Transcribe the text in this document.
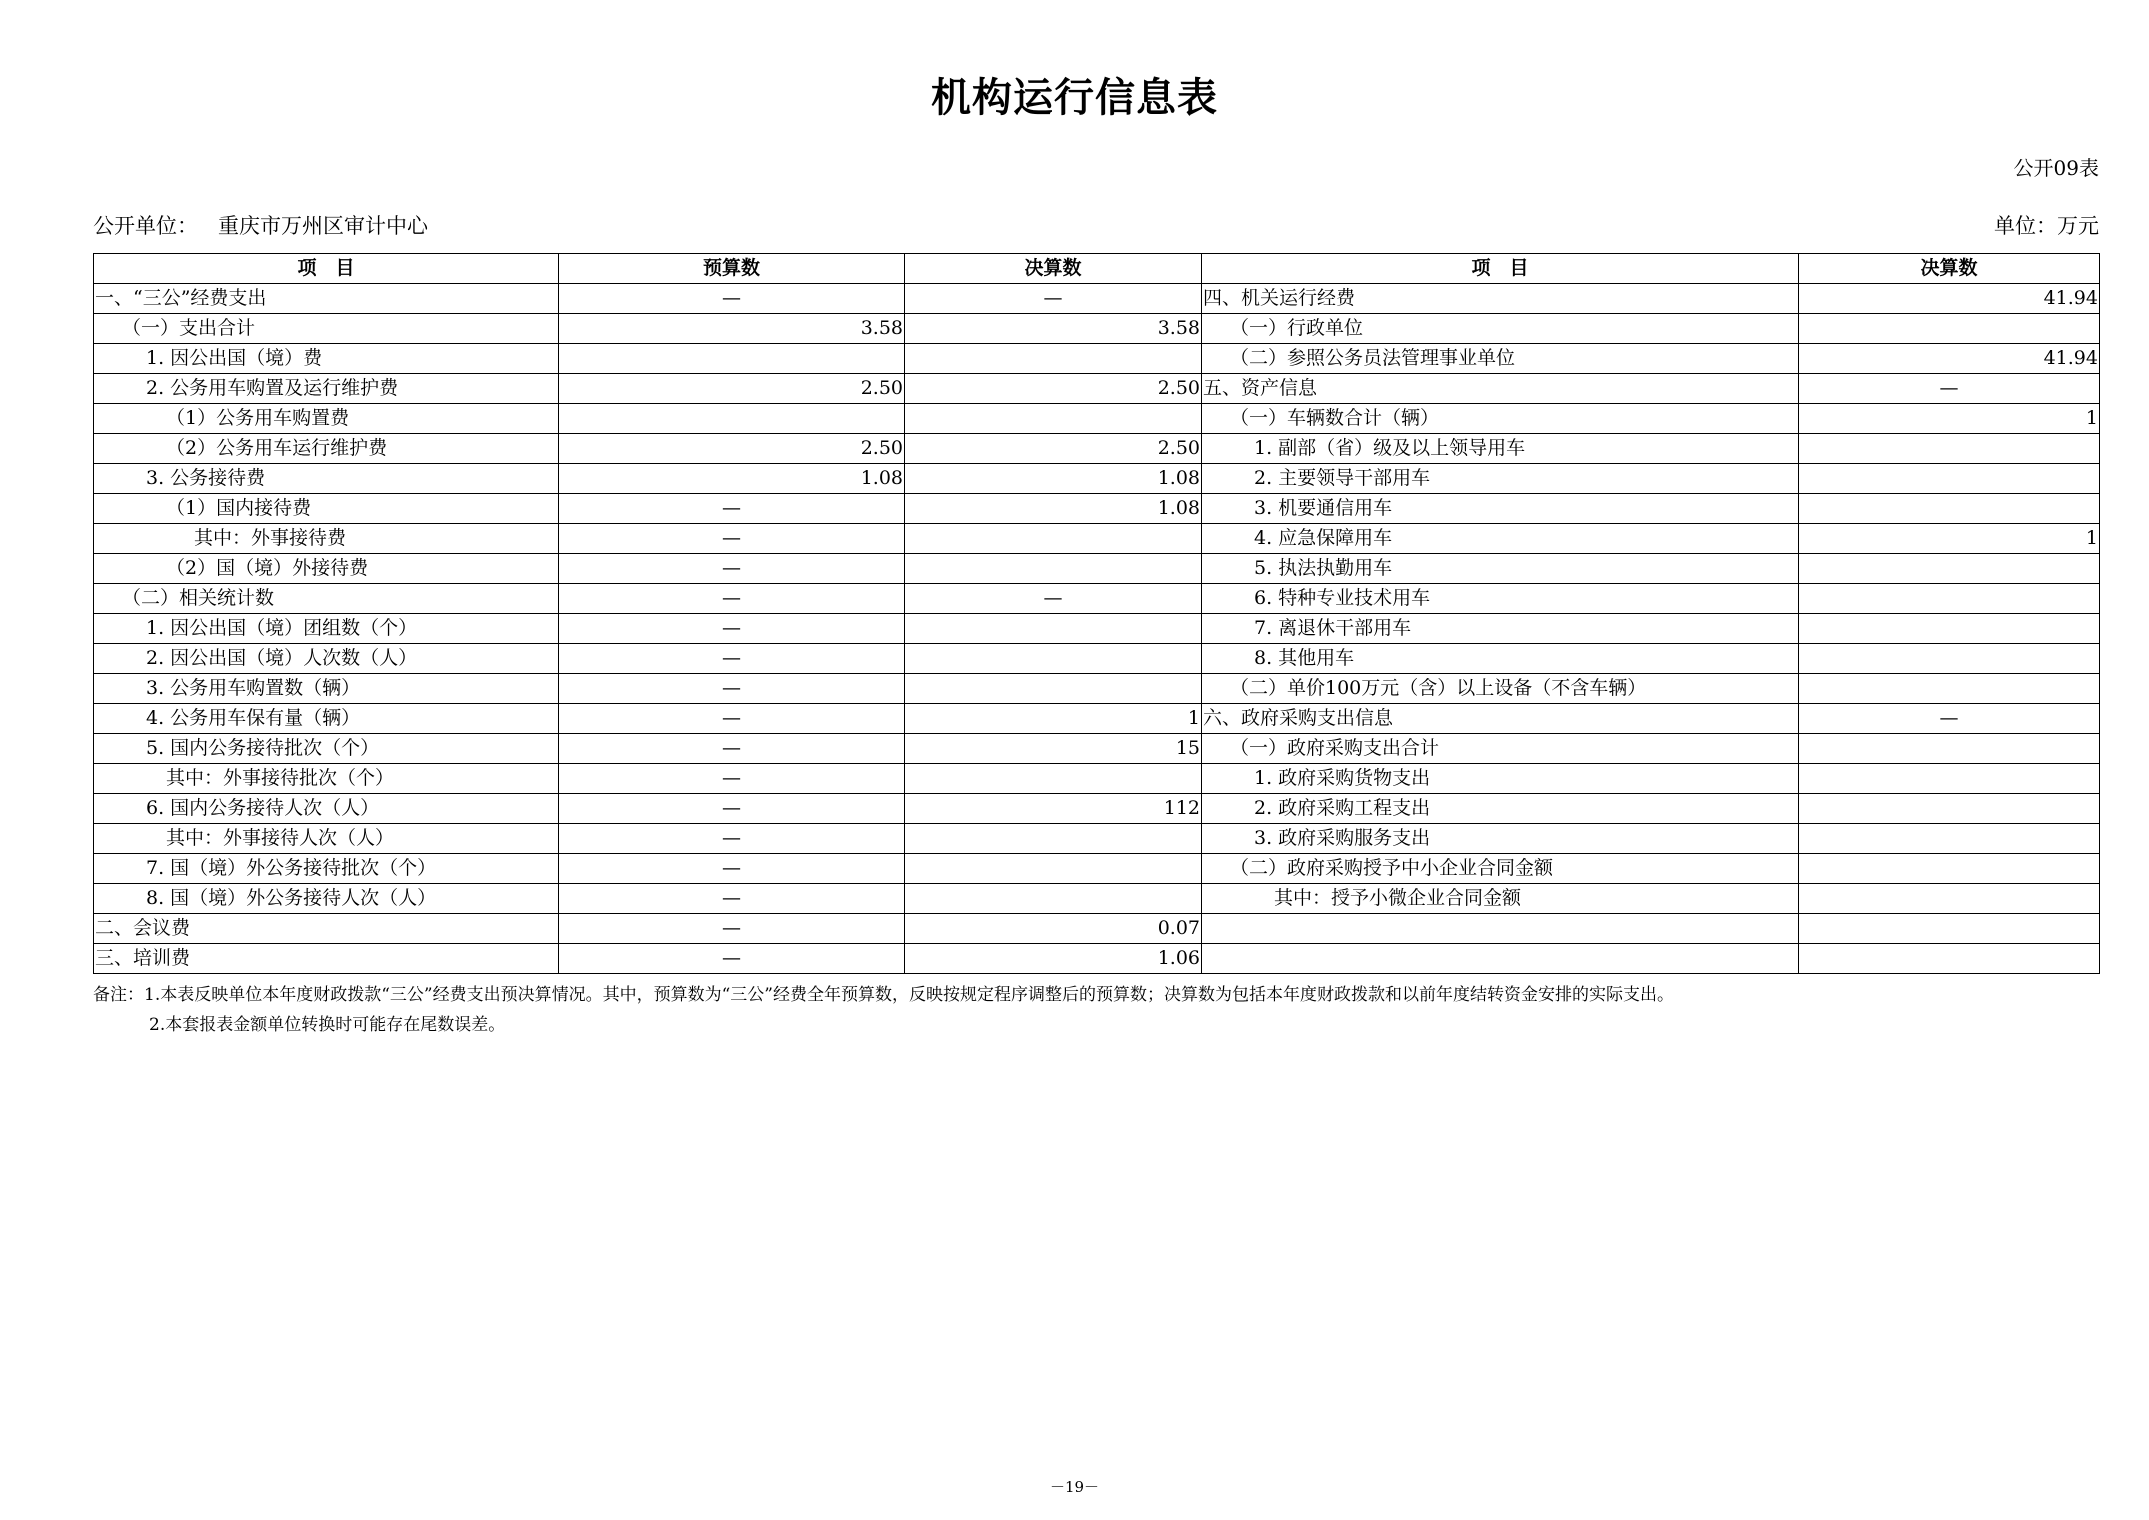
机构运行信息表
公开09表
公开单位： 重庆市万州区审计中心	单位：万元
项　目	预算数	决算数	项　目	决算数
一、“三公”经费支出	—	—	四、机关运行经费	41.94
（一）支出合计	3.58	3.58	（一）行政单位	
1. 因公出国（境）费			（二）参照公务员法管理事业单位	41.94
2. 公务用车购置及运行维护费	2.50	2.50	五、资产信息	—
（1）公务用车购置费			（一）车辆数合计（辆）	1
（2）公务用车运行维护费	2.50	2.50	1. 副部（省）级及以上领导用车	
3. 公务接待费	1.08	1.08	2. 主要领导干部用车	
（1）国内接待费	—	1.08	3. 机要通信用车	
其中：外事接待费	—		4. 应急保障用车	1
（2）国（境）外接待费	—		5. 执法执勤用车	
（二）相关统计数	—	—	6. 特种专业技术用车	
1. 因公出国（境）团组数（个）	—		7. 离退休干部用车	
2. 因公出国（境）人次数（人）	—		8. 其他用车	
3. 公务用车购置数（辆）	—		（二）单价100万元（含）以上设备（不含车辆）	
4. 公务用车保有量（辆）	—	1	六、政府采购支出信息	—
5. 国内公务接待批次（个）	—	15	（一）政府采购支出合计	
其中：外事接待批次（个）	—		1. 政府采购货物支出	
6. 国内公务接待人次（人）	—	112	2. 政府采购工程支出	
其中：外事接待人次（人）	—		3. 政府采购服务支出	
7. 国（境）外公务接待批次（个）	—		（二）政府采购授予中小企业合同金额	
8. 国（境）外公务接待人次（人）	—		其中：授予小微企业合同金额	
二、会议费	—	0.07		
三、培训费	—	1.06		
备注：1.本表反映单位本年度财政拨款“三公”经费支出预决算情况。其中，预算数为“三公”经费全年预算数，反映按规定程序调整后的预算数；决算数为包括本年度财政拨款和以前年度结转资金安排的实际支出。
2.本套报表金额单位转换时可能存在尾数误差。
－19－
